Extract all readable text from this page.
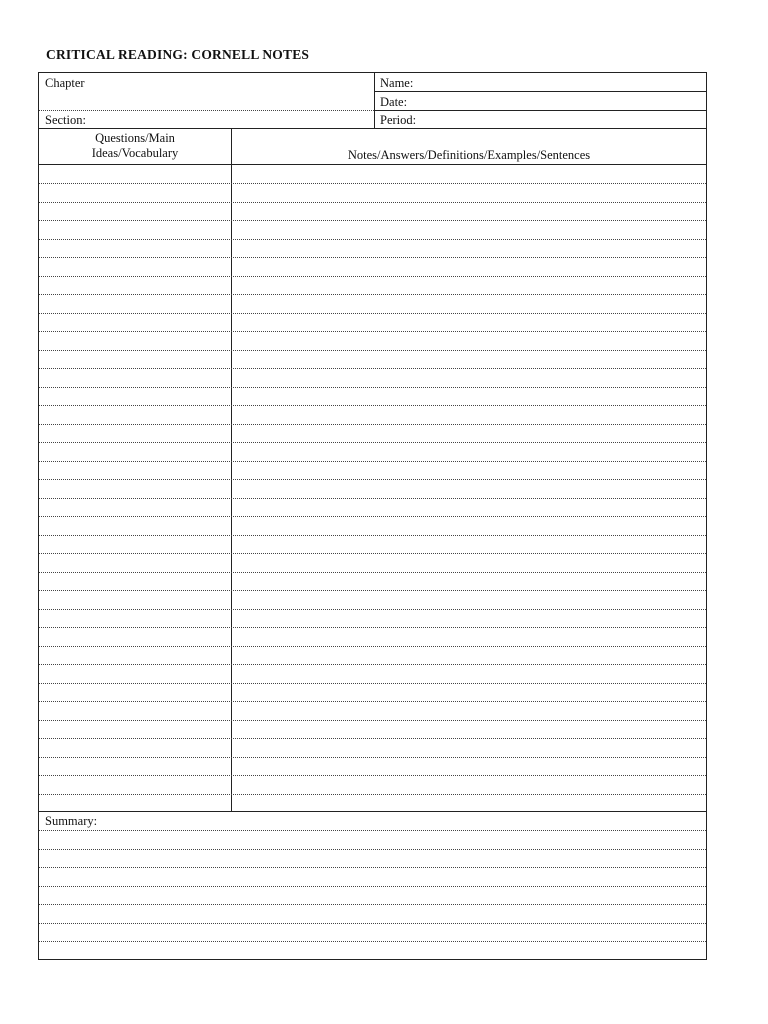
CRITICAL READING: CORNELL NOTES
Chapter	Name:
Date:
Section:	Period:
Questions/Main
Ideas/Vocabulary	Notes/Answers/Definitions/Examples/Sentences
Summary:
